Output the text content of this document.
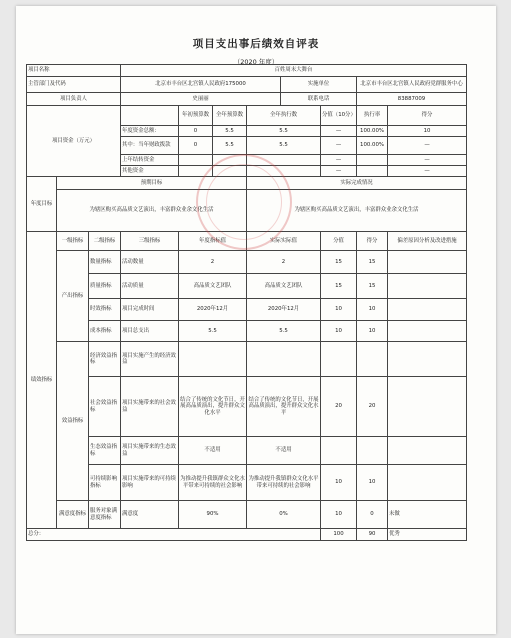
项目支出事后绩效自评表
（2020 年度）
项目名称			百姓周末大舞台							
主管部门及代码			北京市丰台区北宫镇人民政府175000				实施单位		北京市丰台区北宫镇人民政府党群服务中心	
项目负责人			史丽丽				联系电话		83887009	
项目资金（万元）				年初预算数	全年预算数	全年执行数		分值（10分）	执行率	得分
			年度资金总额：	0	5.5	5.5		—	100.00%	10
			其中：当年财政拨款	0	5.5	5.5		—	100.00%	—
			上年结转资金					—		—
			其他资金					—		—
年度目标	预期目标					实际完成情况				
	为辖区购买高品质文艺演出，丰富群众业余文化生活					为辖区购买高品质文艺演出，丰富群众业余文化生活				
绩效指标	一级指标	二级指标	三级指标	年度指标值		实际实际值		分值	得分	偏差原因分析及改进措施
	产出指标	数量指标	活动数量	2		2		15	15	
		质量指标	活动质量	高品质文艺团队		高品质文艺团队		15	15	
		时效指标	项目完成时间	2020年12月		2020年12月		10	10	
		成本指标	项目总支出	5.5		5.5		10	10	
	效益指标	经济效益指标	项目实施产生的经济效益							
		社会效益指标	项目实施带来的社会效益	结合了传统的文化节日，开展高品质演出，提升群众文化水平		结合了传统的文化节日，开展高品质演出，提升群众文化水平		20	20	
		生态效益指标	项目实施带来的生态效益	不适用		不适用				
		可持续影响指标	项目实施带来的可持续影响	为推动提升我镇群众文化水平带来可持续的社会影响		为推动提升我镇群众文化水平带来可持续的社会影响		10	10	
	满意度指标	服务对象满意度指标	满意度	90%		0%		10	0	未做
总分：								100	90	优秀
